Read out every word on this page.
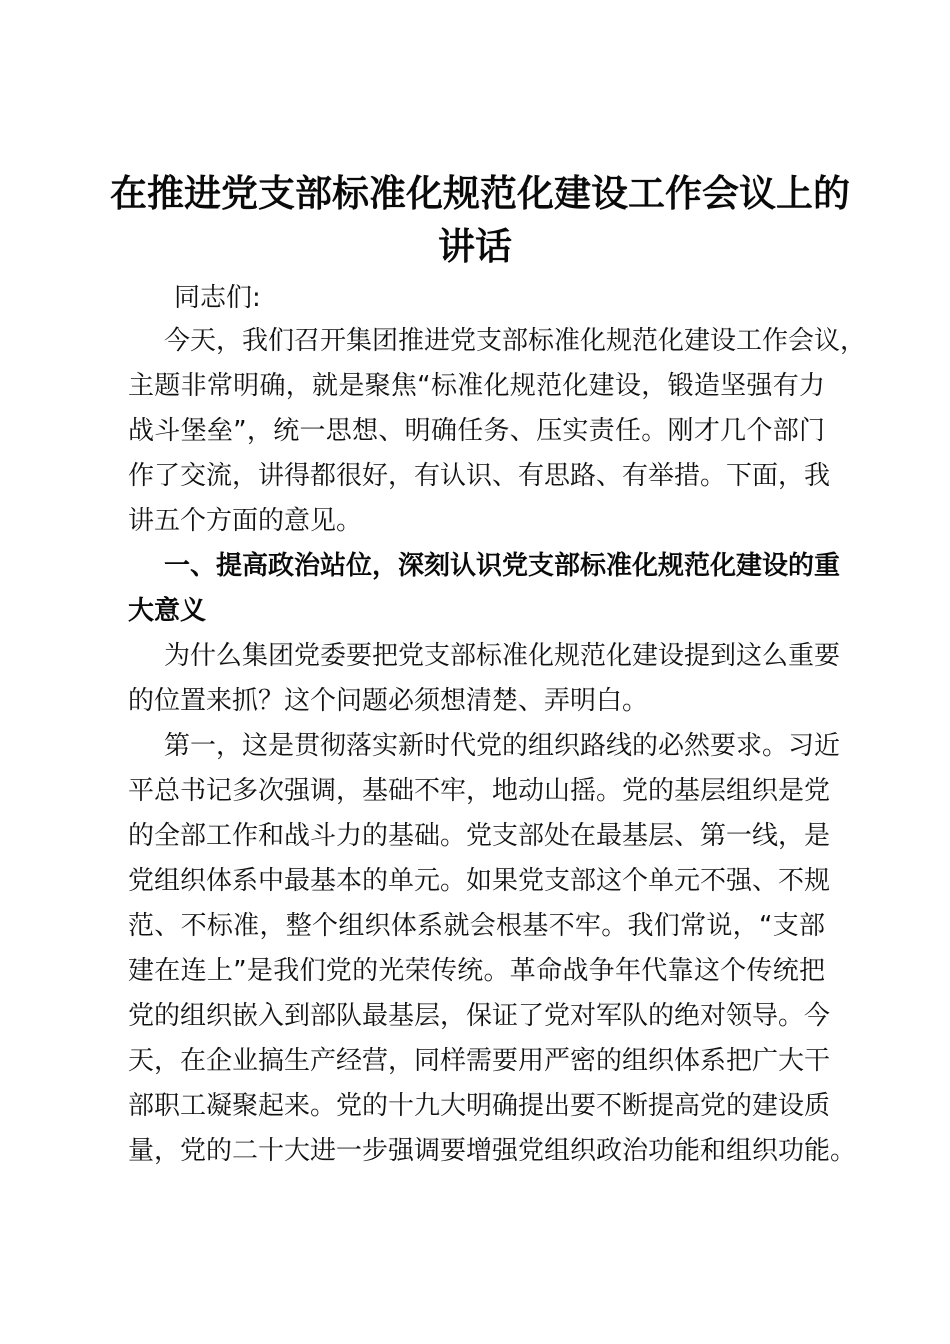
在推进党支部标准化规范化建设工作会议上的
讲话
同志们:
今天，我们召开集团推进党支部标准化规范化建设工作会议，
主题非常明确，就是聚焦“标准化规范化建设，锻造坚强有力
战斗堡垒”，统一思想、明确任务、压实责任。刚才几个部门
作了交流，讲得都很好，有认识、有思路、有举措。下面，我
讲五个方面的意见。
一、提高政治站位，深刻认识党支部标准化规范化建设的重
大意义
为什么集团党委要把党支部标准化规范化建设提到这么重要
的位置来抓？这个问题必须想清楚、弄明白。
第一，这是贯彻落实新时代党的组织路线的必然要求。习近
平总书记多次强调，基础不牢，地动山摇。党的基层组织是党
的全部工作和战斗力的基础。党支部处在最基层、第一线，是
党组织体系中最基本的单元。如果党支部这个单元不强、不规
范、不标准，整个组织体系就会根基不牢。我们常说，“支部
建在连上”是我们党的光荣传统。革命战争年代靠这个传统把
党的组织嵌入到部队最基层，保证了党对军队的绝对领导。今
天，在企业搞生产经营，同样需要用严密的组织体系把广大干
部职工凝聚起来。党的十九大明确提出要不断提高党的建设质
量，党的二十大进一步强调要增强党组织政治功能和组织功能。
